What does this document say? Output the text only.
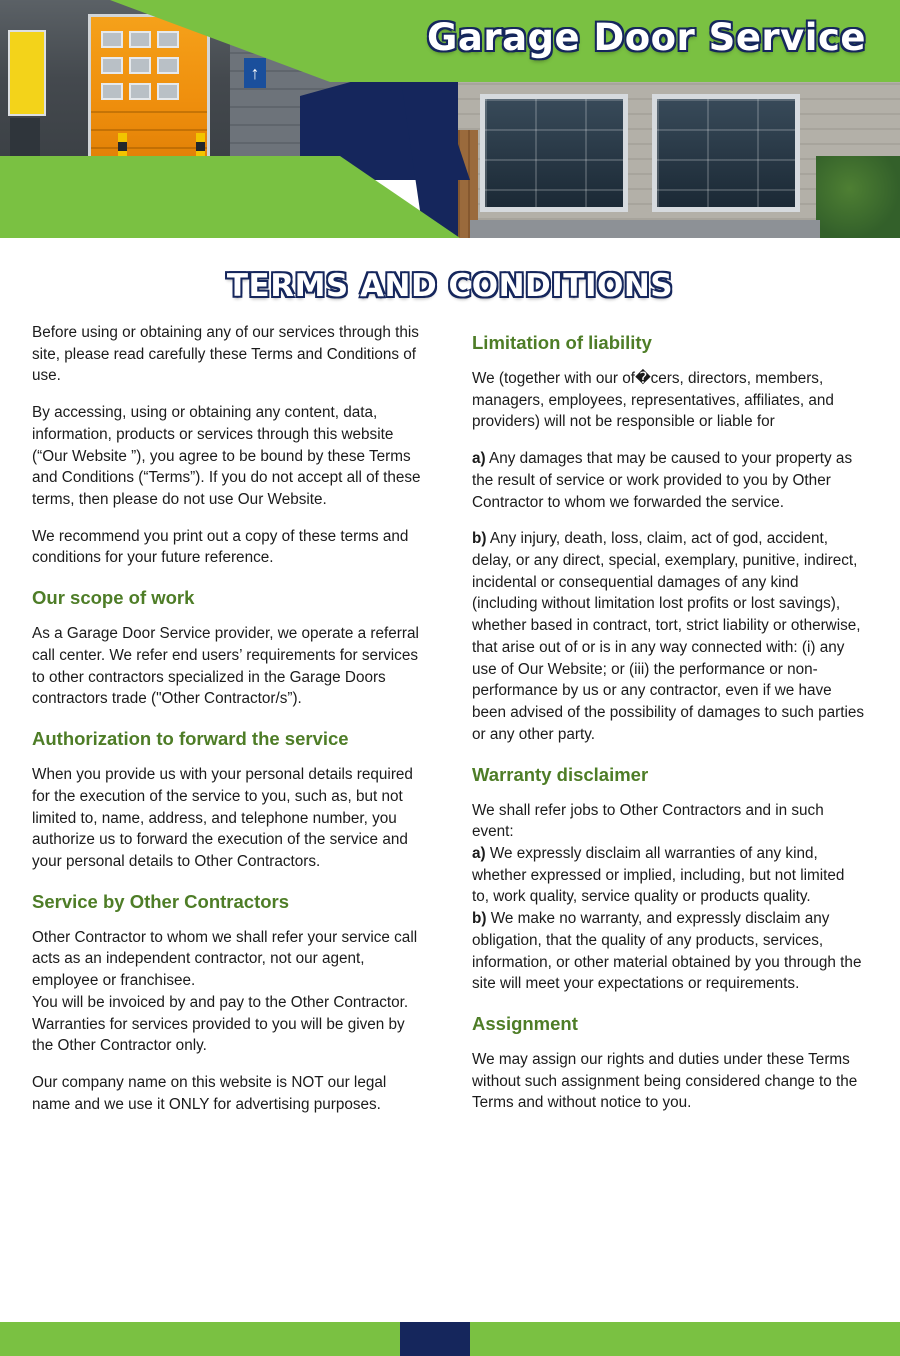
↑
Garage Door Service
TERMS AND CONDITIONS

Before using or obtaining any of our services through this site, please read carefully these Terms and Conditions of use.

By accessing, using or obtaining any content, data, information, products or services through this website (“Our Website ”), you agree to be bound by these Terms and Conditions (“Terms”). If you do not accept all of these terms, then please do not use Our Website.

We recommend you print out a copy of these terms and conditions for your future reference.

Our scope of work

As a Garage Door Service provider, we operate a referral call center. We refer end users’ requirements for services to other contractors specialized in the Garage Doors contractors trade ("Other Contractor/s”).

Authorization to forward the service

When you provide us with your personal details required for the execution of the service to you, such as, but not limited to, name, address, and telephone number, you authorize us to forward the execution of the service and your personal details to Other Contractors.

Service by Other Contractors

Other Contractor to whom we shall refer your service call acts as an independent contractor, not our agent, employee or franchisee.

You will be invoiced by and pay to the Other Contractor.

Warranties for services provided to you will be given by the Other Contractor only.

Our company name on this website is NOT our legal name and we use it ONLY for advertising purposes.

Limitation of liability

We (together with our of�cers, directors, members, managers, employees, representatives, affiliates, and providers) will not be responsible or liable for

a) Any damages that may be caused to your property as the result of service or work provided to you by Other Contractor to whom we forwarded the service.

b) Any injury, death, loss, claim, act of god, accident, delay, or any direct, special, exemplary, punitive, indirect, incidental or consequential damages of any kind (including without limitation lost profits or lost savings), whether based in contract, tort, strict liability or otherwise, that arise out of or is in any way connected with: (i) any use of Our Website; or (iii) the performance or non-performance by us or any contractor, even if we have been advised of the possibility of damages to such parties or any other party.

Warranty disclaimer

We shall refer jobs to Other Contractors and in such event:

a) We expressly disclaim all warranties of any kind, whether expressed or implied, including, but not limited to, work quality, service quality or products quality.

b) We make no warranty, and expressly disclaim any obligation, that the quality of any products, services, information, or other material obtained by you through the site will meet your expectations or requirements.

Assignment

We may assign our rights and duties under these Terms without such assignment being considered change to the Terms and without notice to you.
